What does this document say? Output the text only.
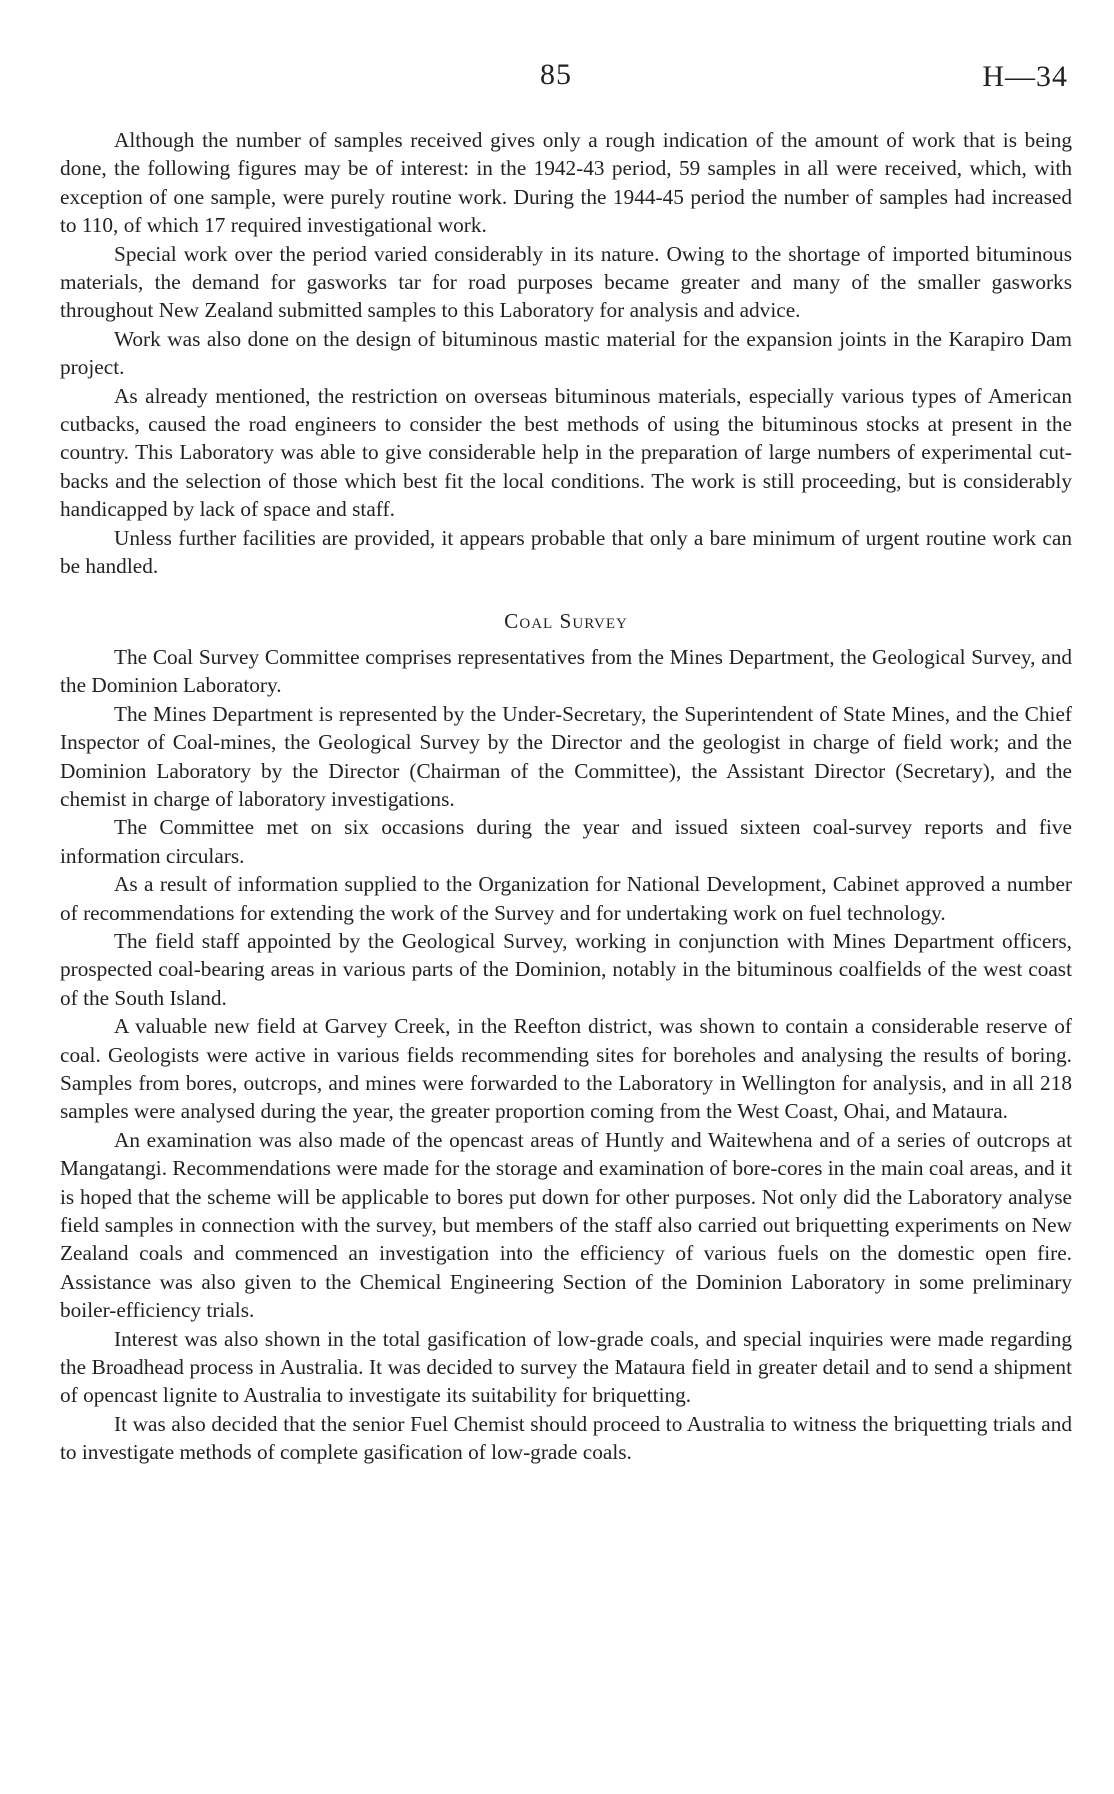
85	H—34

Although the number of samples received gives only a rough indication of the amount of work that is being done, the following figures may be of interest: in the 1942-43 period, 59 samples in all were received, which, with exception of one sample, were purely routine work. During the 1944-45 period the number of samples had increased to 110, of which 17 required investigational work.

Special work over the period varied considerably in its nature. Owing to the shortage of imported bituminous materials, the demand for gasworks tar for road purposes became greater and many of the smaller gasworks throughout New Zealand submitted samples to this Laboratory for analysis and advice.

Work was also done on the design of bituminous mastic material for the expansion joints in the Karapiro Dam project.

As already mentioned, the restriction on overseas bituminous materials, especially various types of American cutbacks, caused the road engineers to consider the best methods of using the bituminous stocks at present in the country. This Laboratory was able to give considerable help in the preparation of large numbers of experimental cut-backs and the selection of those which best fit the local conditions. The work is still proceeding, but is considerably handicapped by lack of space and staff.

Unless further facilities are provided, it appears probable that only a bare minimum of urgent routine work can be handled.

Coal Survey

The Coal Survey Committee comprises representatives from the Mines Department, the Geological Survey, and the Dominion Laboratory.

The Mines Department is represented by the Under-Secretary, the Superintendent of State Mines, and the Chief Inspector of Coal-mines, the Geological Survey by the Director and the geologist in charge of field work; and the Dominion Laboratory by the Director (Chairman of the Committee), the Assistant Director (Secretary), and the chemist in charge of laboratory investigations.

The Committee met on six occasions during the year and issued sixteen coal-survey reports and five information circulars.

As a result of information supplied to the Organization for National Development, Cabinet approved a number of recommendations for extending the work of the Survey and for undertaking work on fuel technology.

The field staff appointed by the Geological Survey, working in conjunction with Mines Department officers, prospected coal-bearing areas in various parts of the Dominion, notably in the bituminous coalfields of the west coast of the South Island.

A valuable new field at Garvey Creek, in the Reefton district, was shown to contain a considerable reserve of coal. Geologists were active in various fields recommending sites for boreholes and analysing the results of boring. Samples from bores, outcrops, and mines were forwarded to the Laboratory in Wellington for analysis, and in all 218 samples were analysed during the year, the greater proportion coming from the West Coast, Ohai, and Mataura.

An examination was also made of the opencast areas of Huntly and Waitewhena and of a series of outcrops at Mangatangi. Recommendations were made for the storage and examination of bore-cores in the main coal areas, and it is hoped that the scheme will be applicable to bores put down for other purposes. Not only did the Laboratory analyse field samples in connection with the survey, but members of the staff also carried out briquetting experiments on New Zealand coals and commenced an investigation into the efficiency of various fuels on the domestic open fire. Assistance was also given to the Chemical Engineering Section of the Dominion Laboratory in some preliminary boiler-efficiency trials.

Interest was also shown in the total gasification of low-grade coals, and special inquiries were made regarding the Broadhead process in Australia. It was decided to survey the Mataura field in greater detail and to send a shipment of opencast lignite to Australia to investigate its suitability for briquetting.

It was also decided that the senior Fuel Chemist should proceed to Australia to witness the briquetting trials and to investigate methods of complete gasification of low-grade coals.
